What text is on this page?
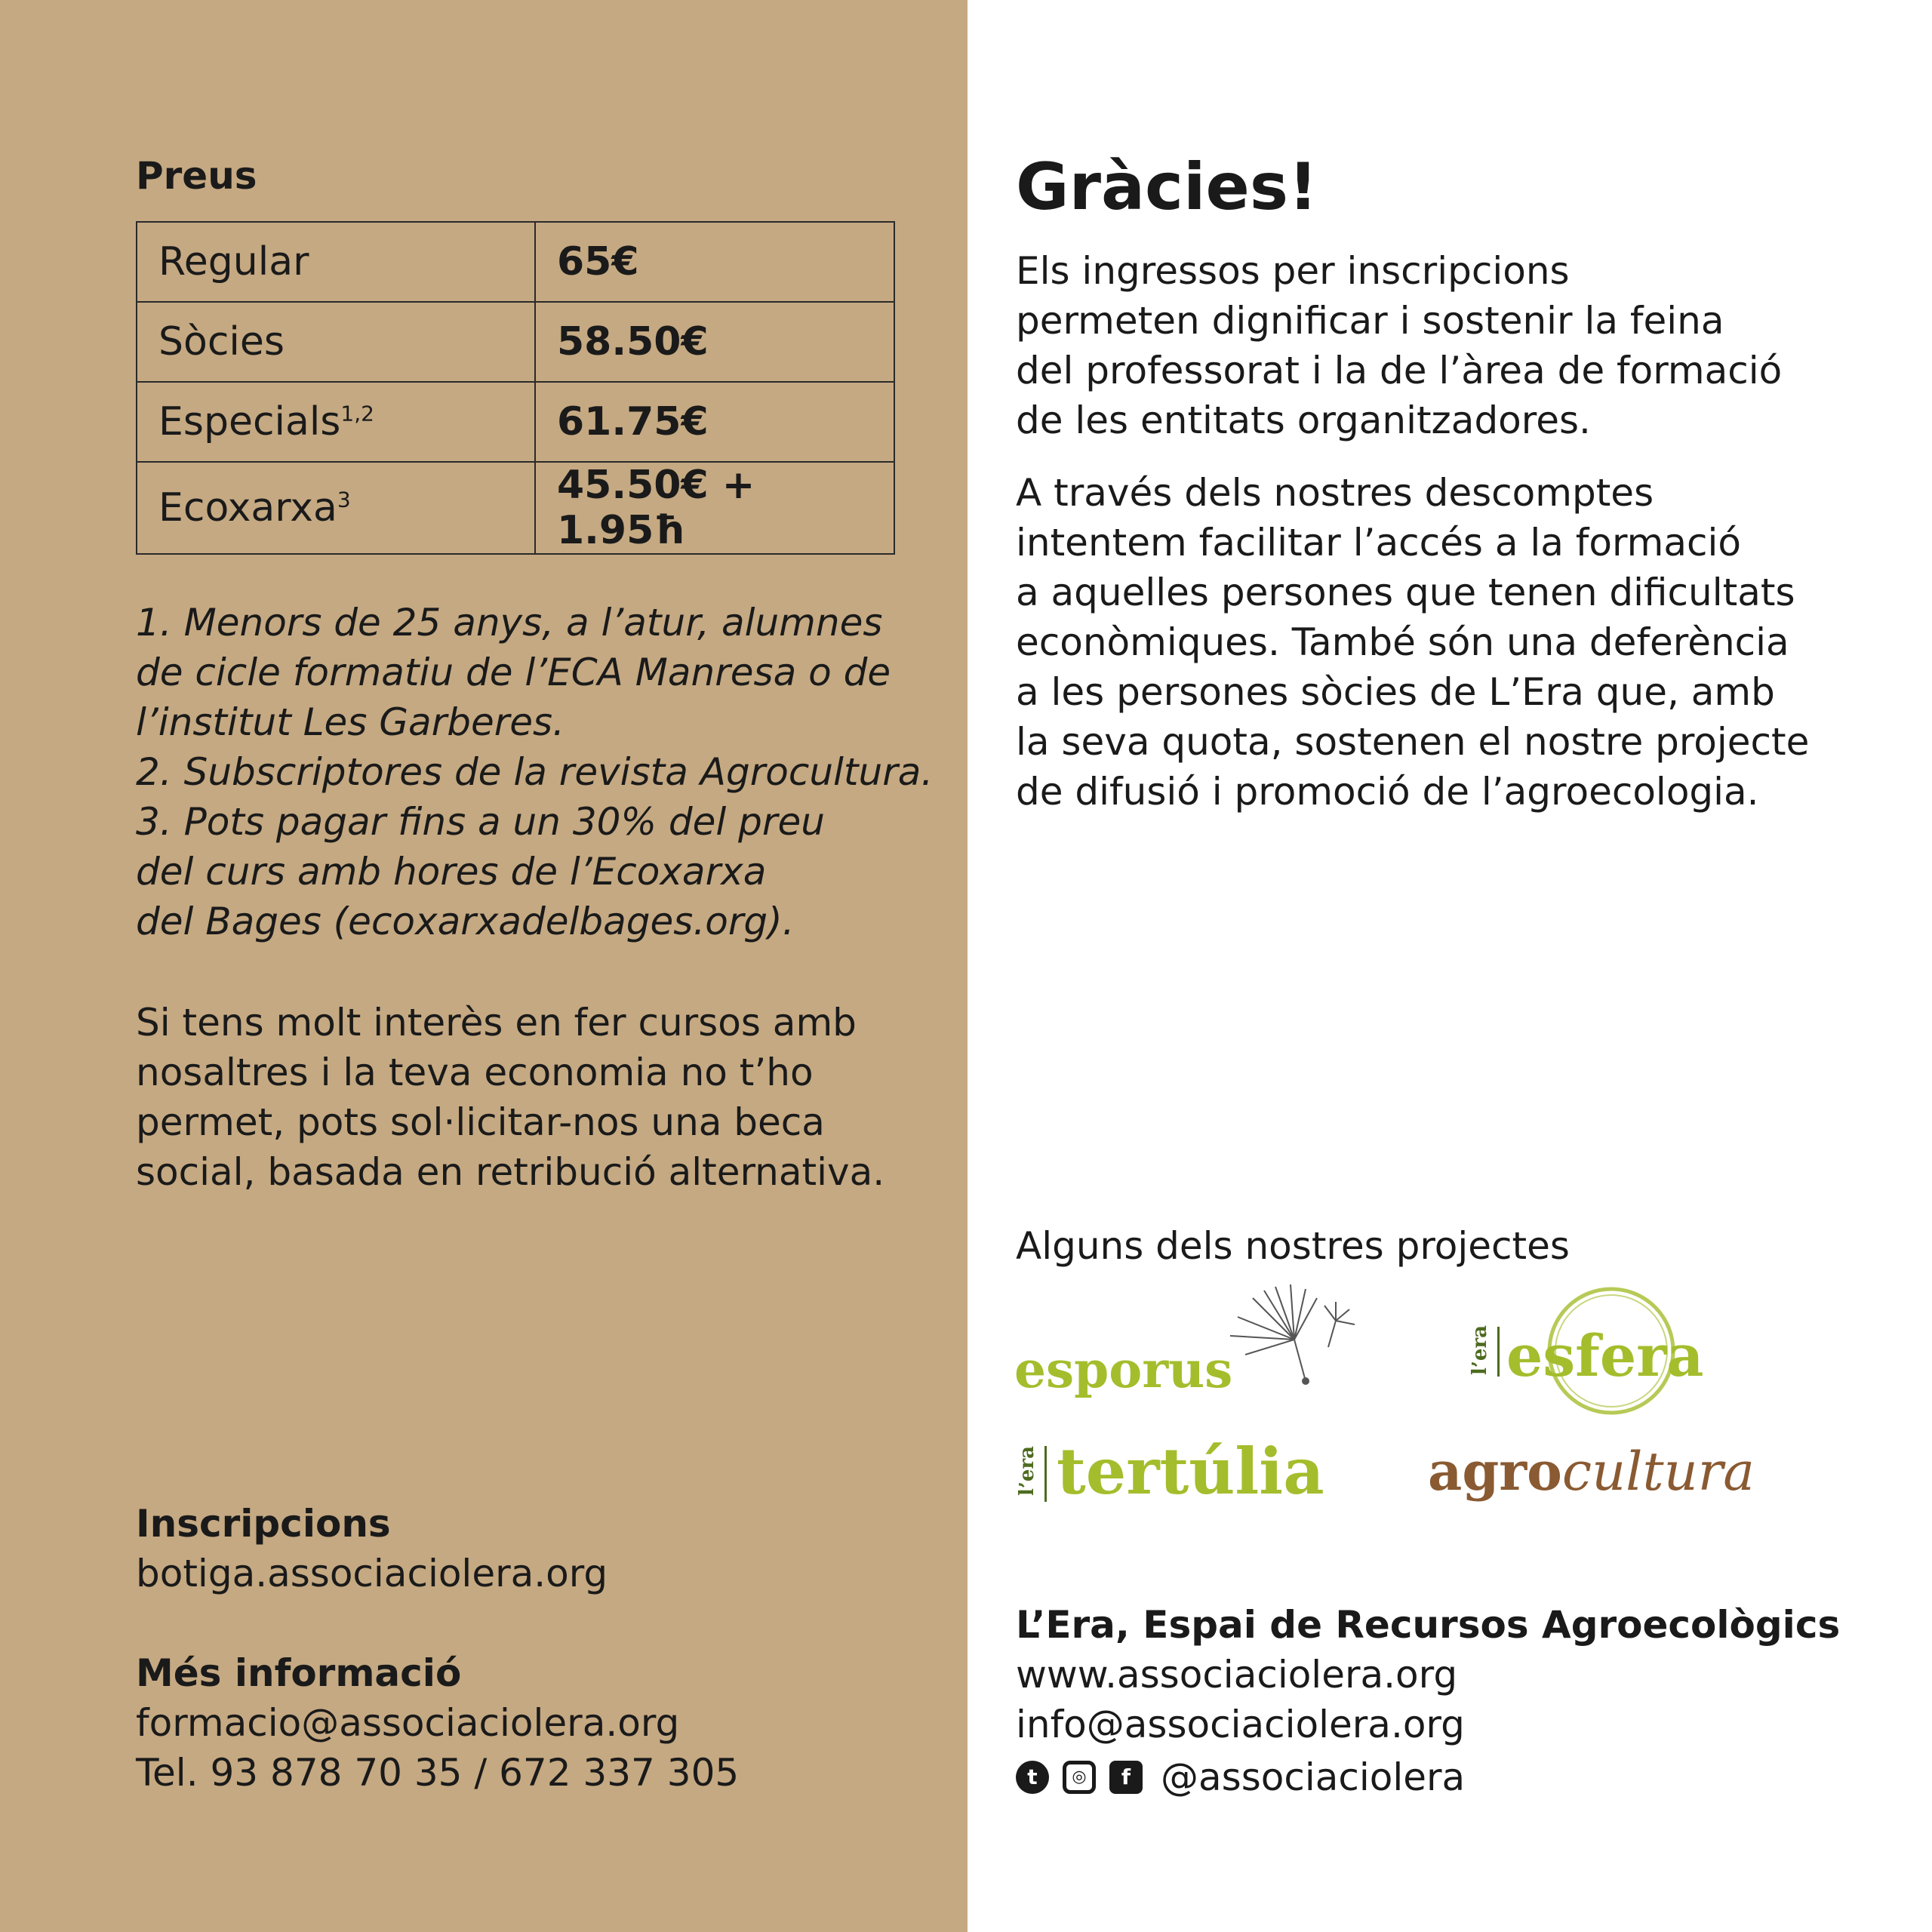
Preus
Regular	65€
Sòcies	58.50€
Especials$^{1,2}$	61.75€
Ecoxarxa$^3$	45.50€ + 1.95ħ
1. Menors de 25 anys, a l’atur, alumnes
de cicle formatiu de l’ECA Manresa o de
l’institut Les Garberes.
2. Subscriptores de la revista Agrocultura.
3. Pots pagar fins a un 30% del preu
del curs amb hores de l’Ecoxarxa
del Bages (ecoxarxadelbages.org).
Si tens molt interès en fer cursos amb
nosaltres i la teva economia no t’ho
permet, pots sol·licitar-nos una beca
social, basada en retribució alternativa.
Inscripcions
botiga.associaciolera.org
Més informació
formacio@associaciolera.org
Tel. 93 878 70 35 / 672 337 305
Gràcies!
Els ingressos per inscripcions
permeten dignificar i sostenir la feina
del professorat i la de l’àrea de formació
de les entitats organitzadores.
A través dels nostres descomptes
intentem facilitar l’accés a la formació
a aquelles persones que tenen dificultats
econòmiques. També són una deferència
a les persones sòcies de L’Era que, amb
la seva quota, sostenen el nostre projecte
de difusió i promoció de l’agroecologia.
Alguns dels nostres projectes
esporus	l’era esfera
l’era tertúlia agrocultura
L’Era, Espai de Recursos Agroecològics
www.associaciolera.org
info@associaciolera.org
t ◎ f @associaciolera
